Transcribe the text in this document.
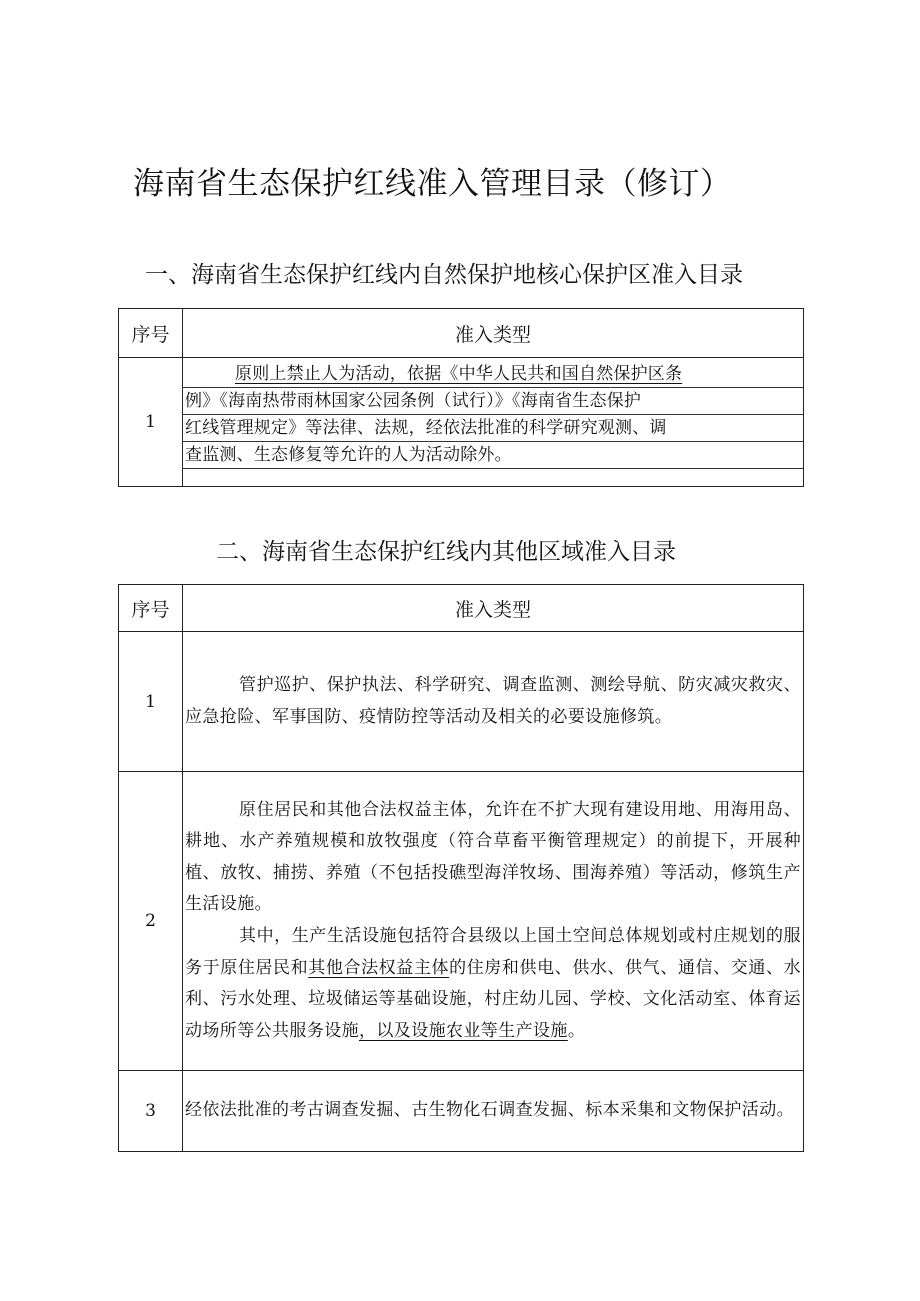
海南省生态保护红线准入管理目录（修订）
一、海南省生态保护红线内自然保护地核心保护区准入目录
序号	准入类型
1	原则上禁止人为活动，依据《中华人民共和国自然保护区条
例》《海南热带雨林国家公园条例（试行）》《海南省生态保护
红线管理规定》等法律、法规，经依法批准的科学研究观测、调
查监测、生态修复等允许的人为活动除外。
二、海南省生态保护红线内其他区域准入目录
序号	准入类型
1	管护巡护、保护执法、科学研究、调查监测、测绘导航、防灾减灾救灾、应急抢险、军事国防、疫情防控等活动及相关的必要设施修筑。

2	原住居民和其他合法权益主体，允许在不扩大现有建设用地、用海用岛、耕地、水产养殖规模和放牧强度（符合草畜平衡管理规定）的前提下，开展种植、放牧、捕捞、养殖（不包括投礁型海洋牧场、围海养殖）等活动，修筑生产生活设施。

其中，生产生活设施包括符合县级以上国土空间总体规划或村庄规划的服务于原住居民和其他合法权益主体的住房和供电、供水、供气、通信、交通、水利、污水处理、垃圾储运等基础设施，村庄幼儿园、学校、文化活动室、体育运动场所等公共服务设施，以及设施农业等生产设施。

3	经依法批准的考古调查发掘、古生物化石调查发掘、标本采集和文物保护活动。
